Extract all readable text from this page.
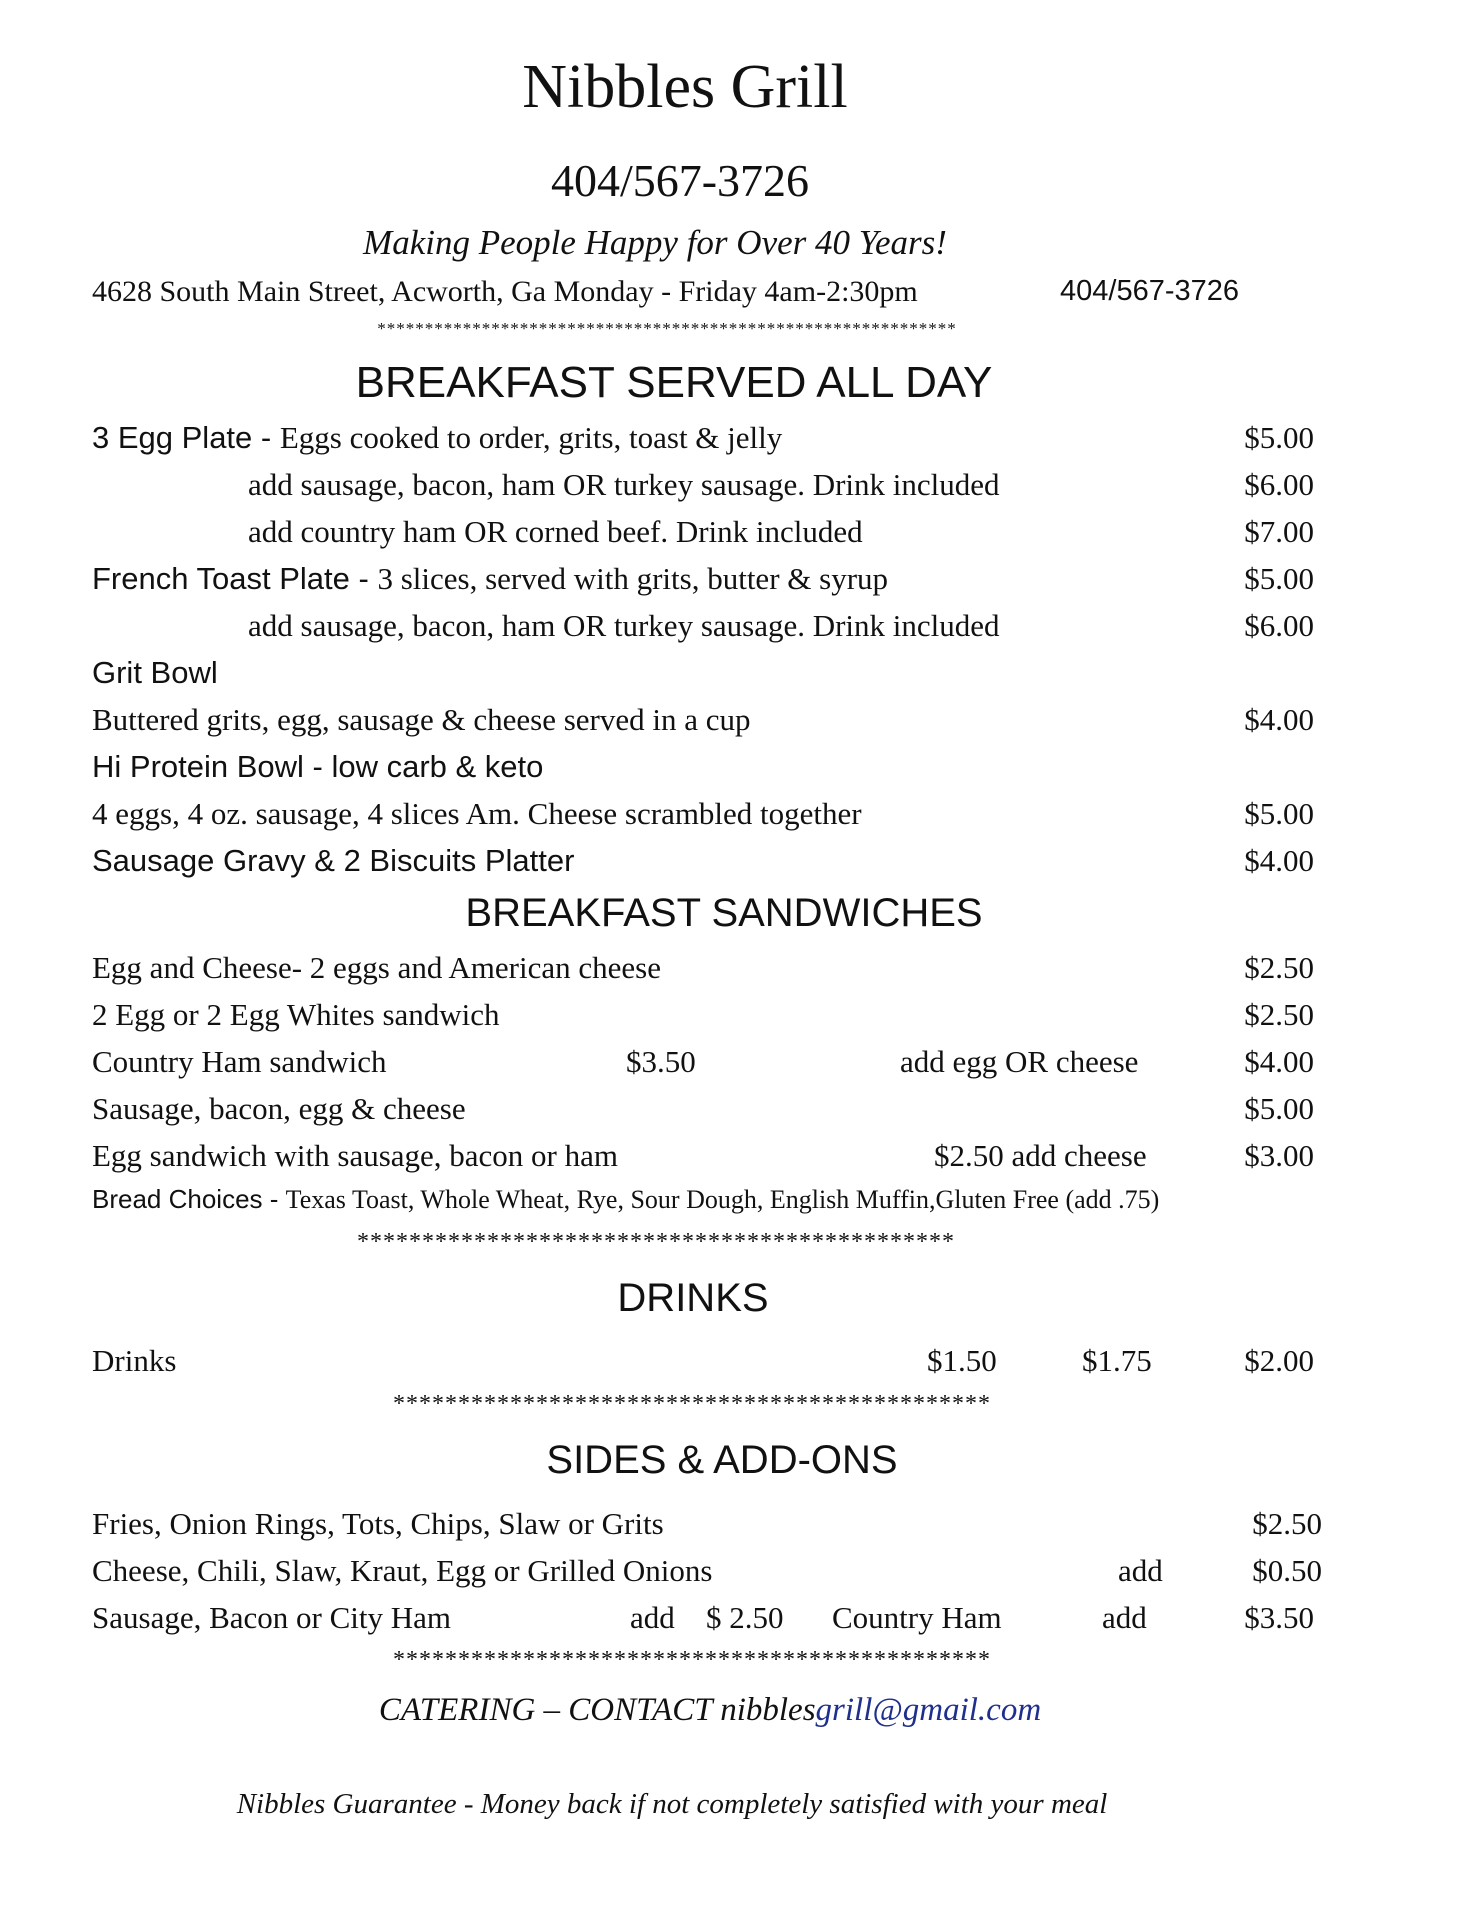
Nibbles Grill
404/567-3726
Making People Happy for Over 40 Years!
4628 South Main Street, Acworth, Ga Monday - Friday 4am-2:30pm	404/567-3726
*************************************************************
BREAKFAST SERVED ALL DAY
3 Egg Plate - Eggs cooked to order, grits, toast & jelly	$5.00
add sausage, bacon, ham OR turkey sausage. Drink included	$6.00
add country ham OR corned beef. Drink included	$7.00
French Toast Plate - 3 slices, served with grits, butter & syrup	$5.00
add sausage, bacon, ham OR turkey sausage. Drink included	$6.00
Grit Bowl
Buttered grits, egg, sausage & cheese served in a cup	$4.00
Hi Protein Bowl - low carb & keto
4 eggs, 4 oz. sausage, 4 slices Am. Cheese scrambled together	$5.00
Sausage Gravy & 2 Biscuits Platter	$4.00
BREAKFAST SANDWICHES
Egg and Cheese- 2 eggs and American cheese	$2.50
2 Egg or 2 Egg Whites sandwich	$2.50
Country Ham sandwich	$3.50	add egg OR cheese	$4.00
Sausage, bacon, egg & cheese	$5.00
Egg sandwich with sausage, bacon or ham	$2.50 add cheese	$3.00
Bread Choices - Texas Toast, Whole Wheat, Rye, Sour Dough, English Muffin,Gluten Free (add .75)
**********************************************
DRINKS
Drinks	$1.50	$1.75	$2.00
**********************************************
SIDES & ADD-ONS
Fries, Onion Rings, Tots, Chips, Slaw or Grits	$2.50
Cheese, Chili, Slaw, Kraut, Egg or Grilled Onions	add	$0.50
Sausage, Bacon or City Ham	add $ 2.50 Country Ham	add	$3.50
**********************************************
CATERING – CONTACT nibblesgrill@gmail.com
Nibbles Guarantee - Money back if not completely satisfied with your meal
